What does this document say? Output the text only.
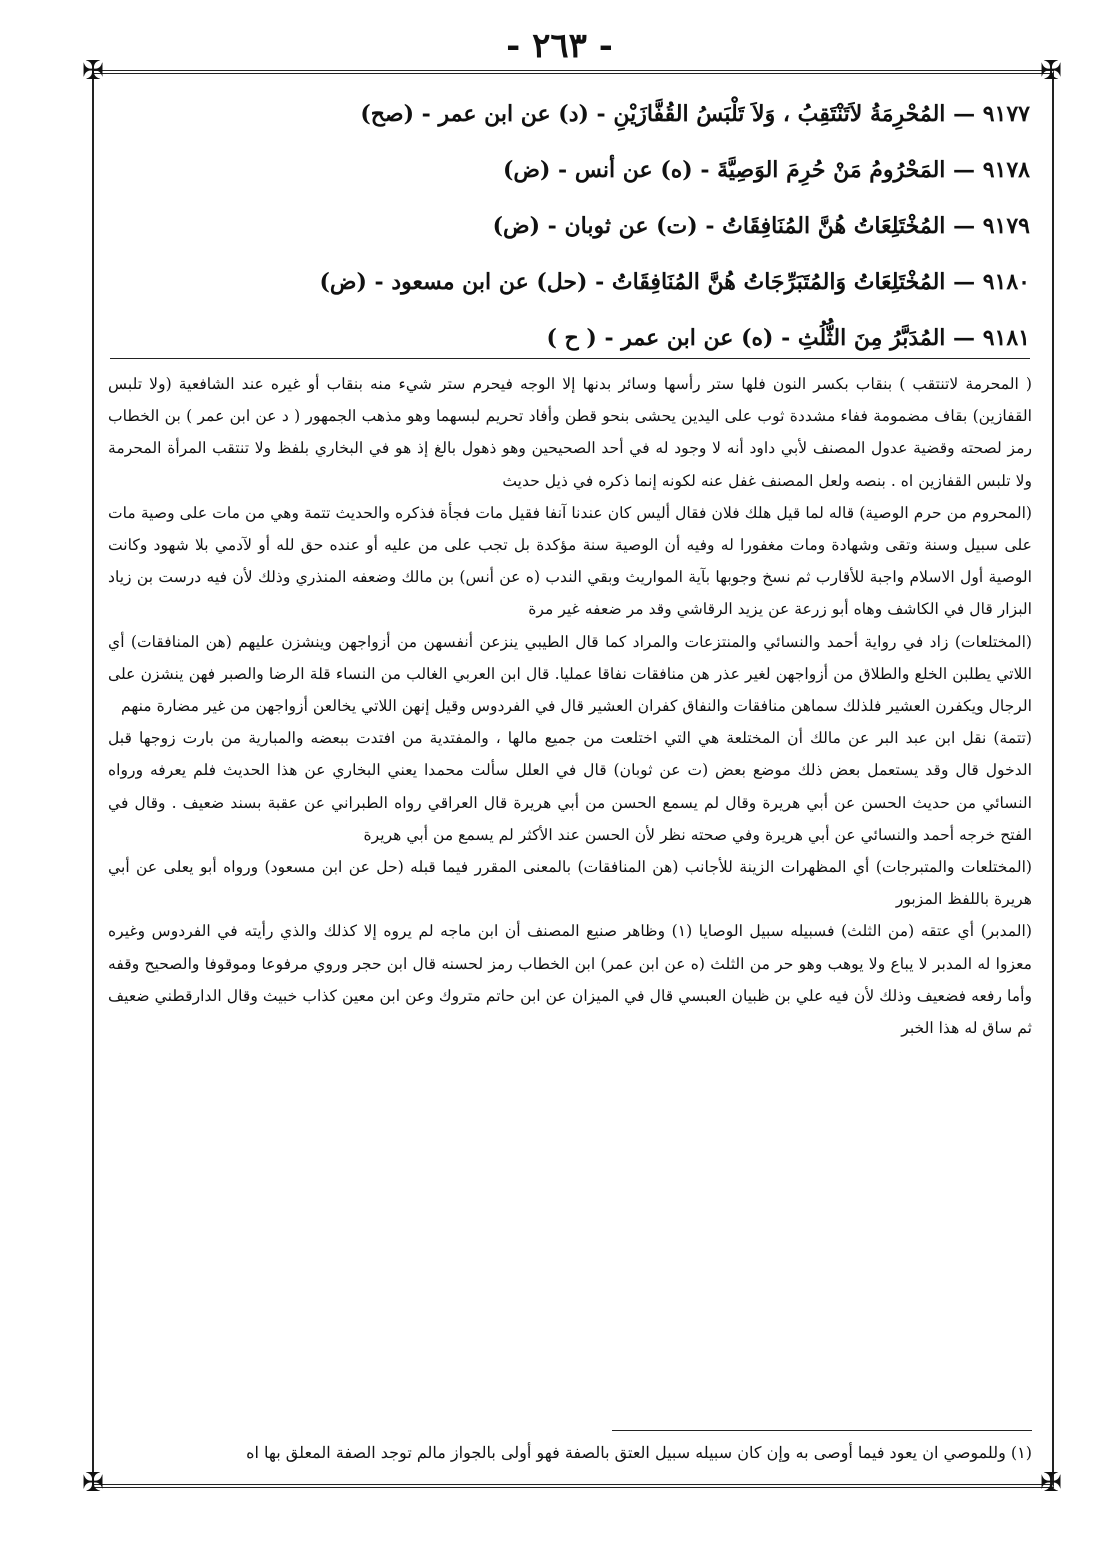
- ٢٦٣ -
✠	✠
✠	✠
٩١٧٧ — المُحْرِمَةُ لاَتَنْتَقِبُ ، وَلاَ تَلْبَسُ القُفَّازَيْنِ - (د) عن ابن عمر - (صح)
٩١٧٨ — المَحْرُومُ مَنْ حُرِمَ الوَصِيَّةَ - (ه) عن أنس - (ض)
٩١٧٩ — المُخْتَلِعَاتُ هُنَّ المُنَافِقَاتُ - (ت) عن ثوبان - (ض)
٩١٨٠ — المُخْتَلِعَاتُ وَالمُتَبَرِّجَاتُ هُنَّ المُنَافِقَاتُ - (حل) عن ابن مسعود - (ض)
٩١٨١ — المُدَبَّرُ مِنَ الثُّلُثِ - (ه) عن ابن عمر - ( ح )

( المحرمة لاتنتقب ) بنقاب بكسر النون فلها ستر رأسها وسائر بدنها إلا الوجه فيحرم ستر شيء منه بنقاب أو غيره عند الشافعية (ولا تلبس القفازين) بقاف مضمومة ففاء مشددة ثوب على اليدين يحشى بنحو قطن وأفاد تحريم لبسهما وهو مذهب الجمهور ( د عن ابن عمر ) بن الخطاب رمز لصحته وقضية عدول المصنف لأبي داود أنه لا وجود له في أحد الصحيحين وهو ذهول بالغ إذ هو في البخاري بلفظ ولا تنتقب المرأة المحرمة ولا تلبس القفازين اه . بنصه ولعل المصنف غفل عنه لكونه إنما ذكره في ذيل حديث

(المحروم من حرم الوصية) قاله لما قيل هلك فلان فقال أليس كان عندنا آنفا فقيل مات فجأة فذكره والحديث تتمة وهي من مات على وصية مات على سبيل وسنة وتقى وشهادة ومات مغفورا له وفيه أن الوصية سنة مؤكدة بل تجب على من عليه أو عنده حق لله أو لآدمي بلا شهود وكانت الوصية أول الاسلام واجبة للأقارب ثم نسخ وجوبها بآية المواريث وبقي الندب (ه عن أنس) بن مالك وضعفه المنذري وذلك لأن فيه درست بن زياد البزار قال في الكاشف وهاه أبو زرعة عن يزيد الرقاشي وقد مر ضعفه غير مرة

(المختلعات) زاد في رواية أحمد والنسائي والمنتزعات والمراد كما قال الطيبي ينزعن أنفسهن من أزواجهن وينشزن عليهم (هن المنافقات) أي اللاتي يطلبن الخلع والطلاق من أزواجهن لغير عذر هن منافقات نفاقا عمليا. قال ابن العربي الغالب من النساء قلة الرضا والصبر فهن ينشزن على الرجال ويكفرن العشير فلذلك سماهن منافقات والنفاق كفران العشير قال في الفردوس وقيل إنهن اللاتي يخالعن أزواجهن من غير مضارة منهم

(تتمة) نقل ابن عبد البر عن مالك أن المختلعة هي التي اختلعت من جميع مالها ، والمفتدية من افتدت ببعضه والمبارية من بارت زوجها قبل الدخول قال وقد يستعمل بعض ذلك موضع بعض (ت عن ثوبان) قال في العلل سألت محمدا يعني البخاري عن هذا الحديث فلم يعرفه ورواه النسائي من حديث الحسن عن أبي هريرة وقال لم يسمع الحسن من أبي هريرة قال العراقي رواه الطبراني عن عقبة بسند ضعيف . وقال في الفتح خرجه أحمد والنسائي عن أبي هريرة وفي صحته نظر لأن الحسن عند الأكثر لم يسمع من أبي هريرة

(المختلعات والمتبرجات) أي المظهرات الزينة للأجانب (هن المنافقات) بالمعنى المقرر فيما قبله (حل عن ابن مسعود) ورواه أبو يعلى عن أبي هريرة باللفظ المزبور

(المدبر) أي عتقه (من الثلث) فسبيله سبيل الوصايا (١) وظاهر صنيع المصنف أن ابن ماجه لم يروه إلا كذلك والذي رأيته في الفردوس وغيره معزوا له المدبر لا يباع ولا يوهب وهو حر من الثلث (ه عن ابن عمر) ابن الخطاب رمز لحسنه قال ابن حجر وروي مرفوعا وموقوفا والصحيح وقفه وأما رفعه فضعيف وذلك لأن فيه علي بن ظبيان العبسي قال في الميزان عن ابن حاتم متروك وعن ابن معين كذاب خبيث وقال الدارقطني ضعيف ثم ساق له هذا الخبر

(١) وللموصي ان يعود فيما أوصى به وإن كان سبيله سبيل العتق بالصفة فهو أولى بالجواز مالم توجد الصفة المعلق بها اه
